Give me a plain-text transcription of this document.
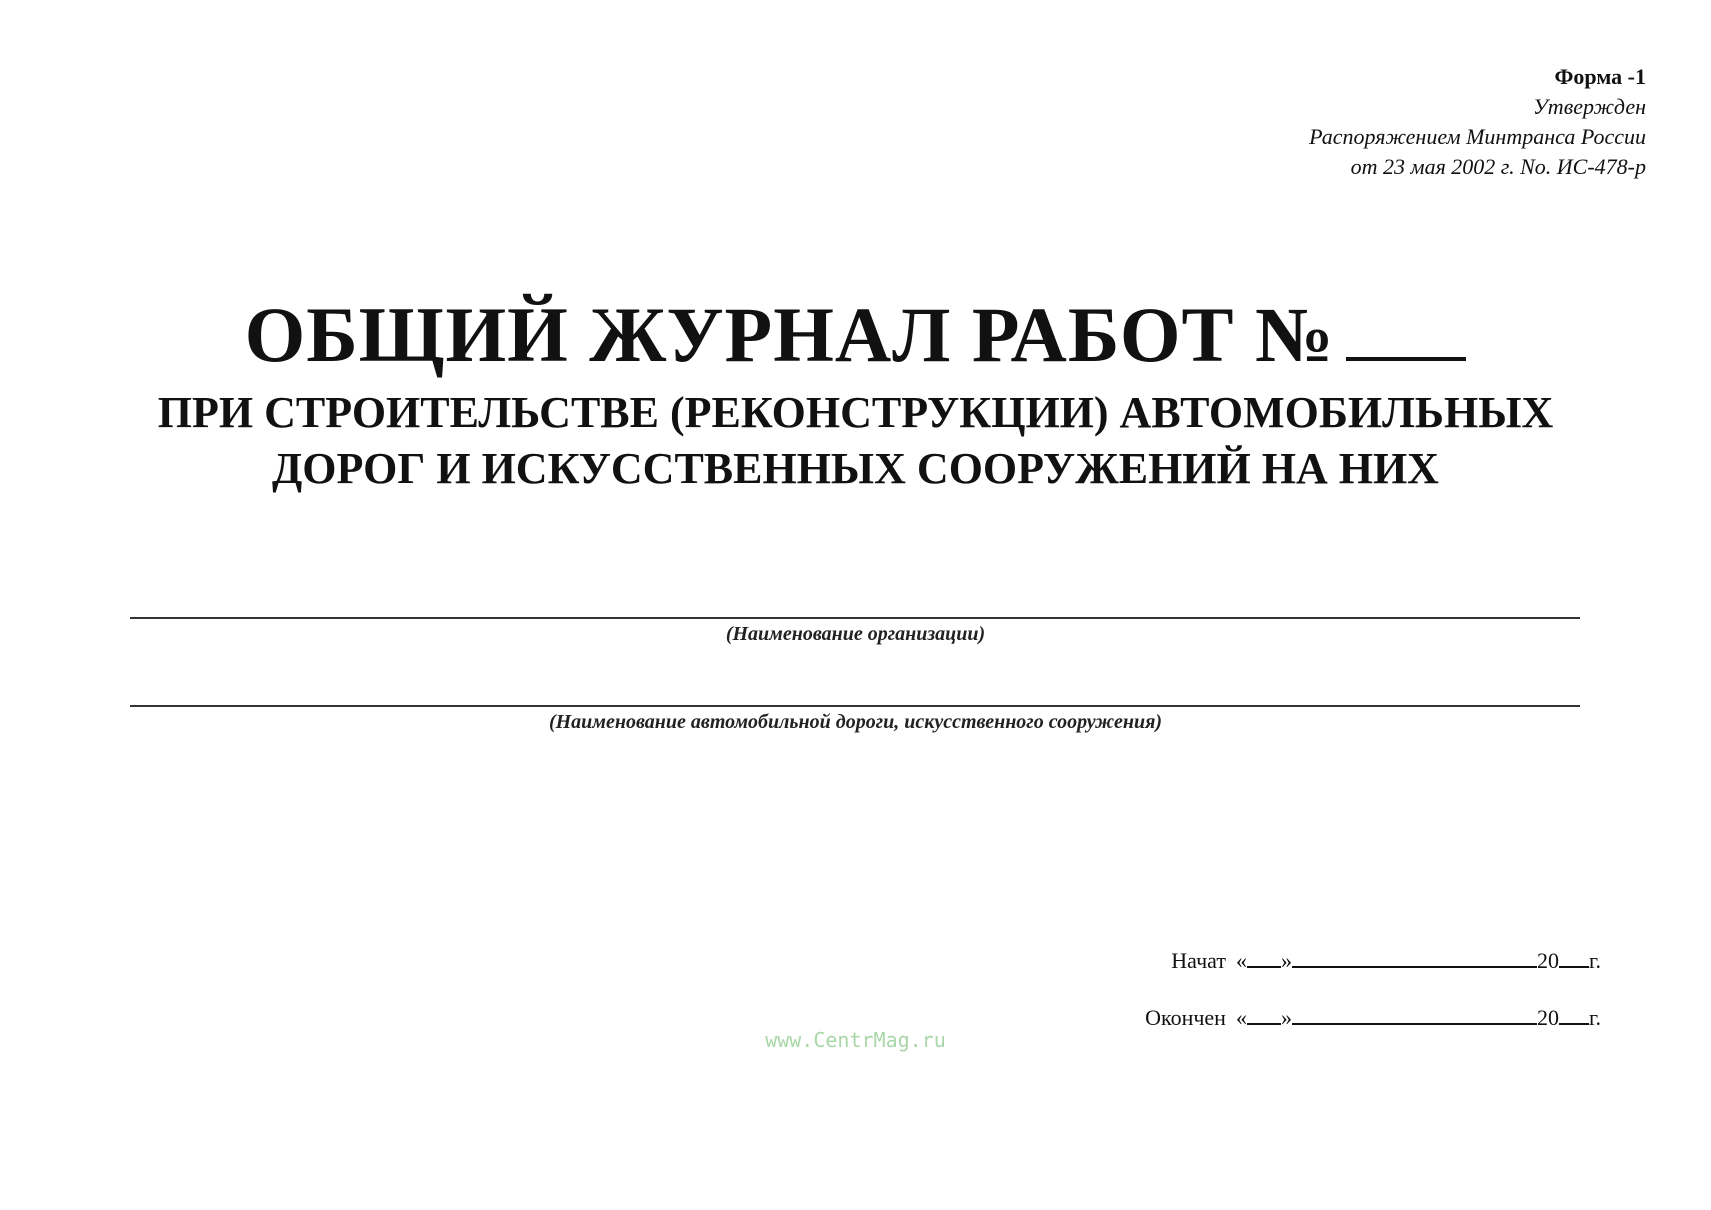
Форма -1
Утвержден
Распоряжением Минтранса России
от 23 мая 2002 г. No. ИС-478-р
ОБЩИЙ ЖУРНАЛ РАБОТ №
ПРИ СТРОИТЕЛЬСТВЕ (РЕКОНСТРУКЦИИ) АВТОМОБИЛЬНЫХ
ДОРОГ И ИСКУССТВЕННЫХ СООРУЖЕНИЙ НА НИХ
(Наименование организации)
(Наименование автомобильной дороги, искусственного сооружения)
Начат « »	20 г.
Окончен « »	20 г.
www.CentrMag.ru
